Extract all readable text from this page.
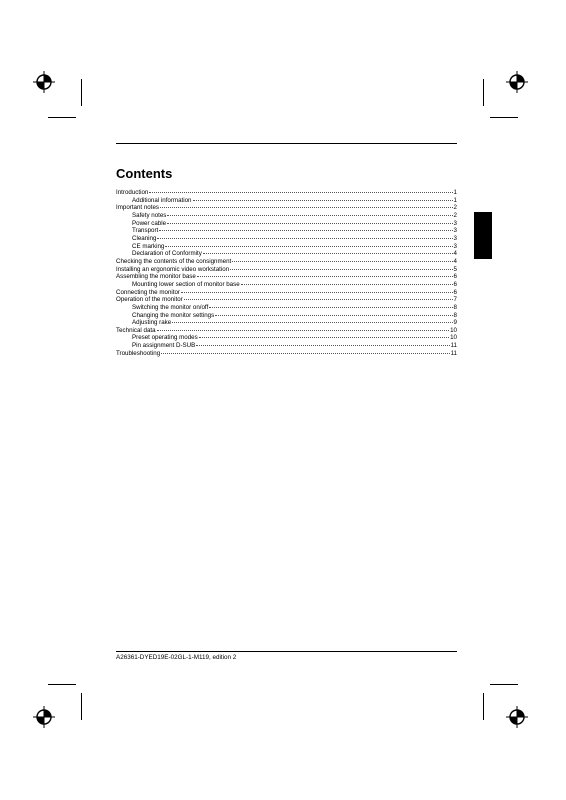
Contents
Introduction	1
Additional information	1
Important notes	2
Safety notes	2
Power cable	3
Transport	3
Cleaning	3
CE marking	3
Declaration of Conformity	4
Checking the contents of the consignment	4
Installing an ergonomic video workstation	5
Assembling the monitor base	6
Mounting lower section of monitor base	6
Connecting the monitor	6
Operation of the monitor	7
Switching the monitor on/off	8
Changing the monitor settings	8
Adjusting rake	9
Technical data	10
Preset operating modes	10
Pin assignment D-SUB	11
Troubleshooting	11

A26361-DYED19E-02GL-1-M119, edition 2
